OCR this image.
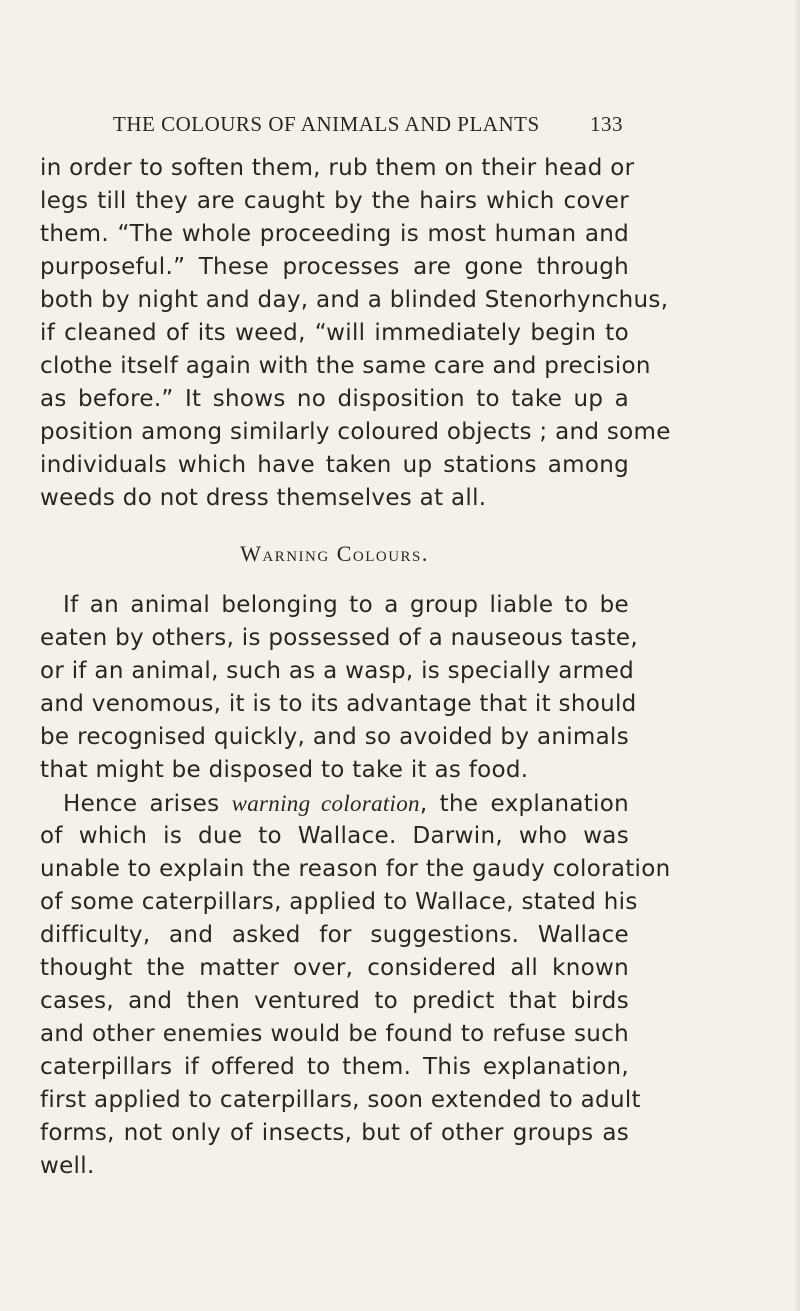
THE COLOURS OF ANIMALS AND PLANTS 133
in order to soften them, rub them on their head or
legs till they are caught by the hairs which cover
them. “The whole proceeding is most human and
purposeful.” These processes are gone through
both by night and day, and a blinded Stenorhynchus,
if cleaned of its weed, “will immediately begin to
clothe itself again with the same care and precision
as before.” It shows no disposition to take up a
position among similarly coloured objects ; and some
individuals which have taken up stations among
weeds do not dress themselves at all.
Warning Colours.
If an animal belonging to a group liable to be
eaten by others, is possessed of a nauseous taste,
or if an animal, such as a wasp, is specially armed
and venomous, it is to its advantage that it should
be recognised quickly, and so avoided by animals
that might be disposed to take it as food.
Hence arises warning coloration, the explanation
of which is due to Wallace. Darwin, who was
unable to explain the reason for the gaudy coloration
of some caterpillars, applied to Wallace, stated his
difficulty, and asked for suggestions. Wallace
thought the matter over, considered all known
cases, and then ventured to predict that birds
and other enemies would be found to refuse such
caterpillars if offered to them. This explanation,
first applied to caterpillars, soon extended to adult
forms, not only of insects, but of other groups as
well.
